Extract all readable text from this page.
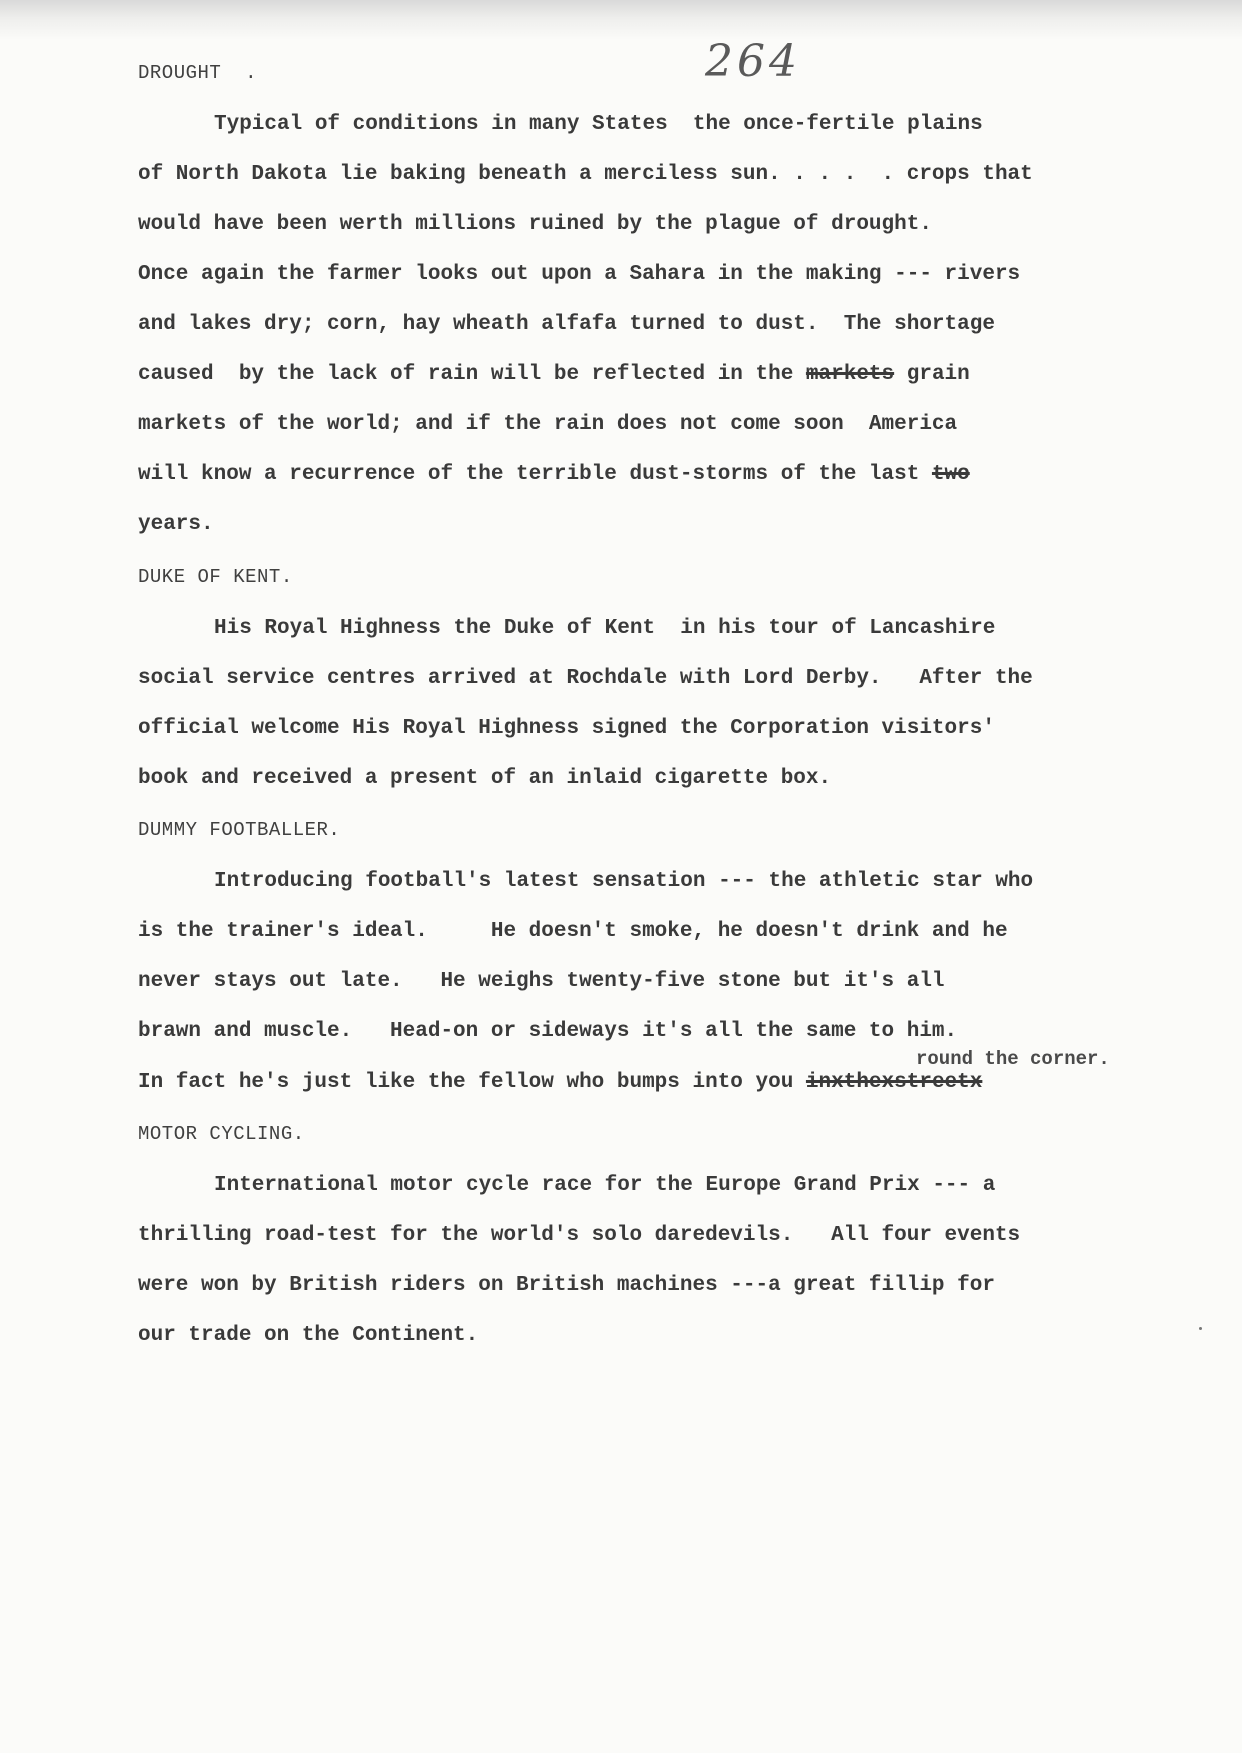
264
DROUGHT  .
Typical of conditions in many States  the once-fertile plains
of North Dakota lie baking beneath a merciless sun. . . .  . crops that
would have been werth millions ruined by the plague of drought.
Once again the farmer looks out upon a Sahara in the making --- rivers
and lakes dry; corn, hay wheath alfafa turned to dust.  The shortage
caused  by the lack of rain will be reflected in the markets grain
markets of the world; and if the rain does not come soon  America
will know a recurrence of the terrible dust-storms of the last two
years.
DUKE OF KENT.
His Royal Highness the Duke of Kent  in his tour of Lancashire
social service centres arrived at Rochdale with Lord Derby.   After the
official welcome His Royal Highness signed the Corporation visitors'
book and received a present of an inlaid cigarette box.
DUMMY FOOTBALLER.
Introducing football's latest sensation --- the athletic star who
is the trainer's ideal.     He doesn't smoke, he doesn't drink and he
never stays out late.   He weighs twenty-five stone but it's all
brawn and muscle.   Head-on or sideways it's all the same to him.
round the corner.
In fact he's just like the fellow who bumps into you inxthexstreetx
MOTOR CYCLING.
International motor cycle race for the Europe Grand Prix --- a
thrilling road-test for the world's solo daredevils.   All four events
were won by British riders on British machines ---a great fillip for
our trade on the Continent.
